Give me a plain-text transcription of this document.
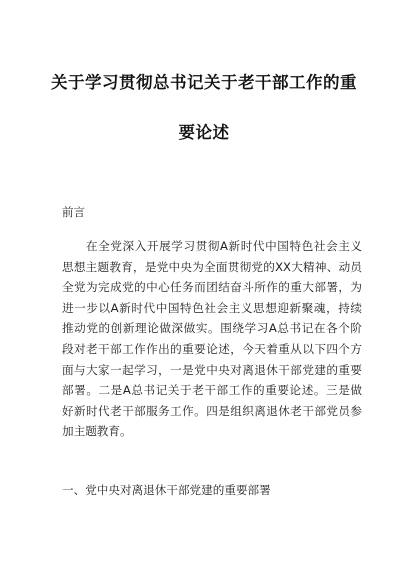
关于学习贯彻总书记关于老干部工作的重
要论述
前言
在全党深入开展学习贯彻A新时代中国特色社会主义
思想主题教育，是党中央为全面贯彻党的XX大精神、动员
全党为完成党的中心任务而团结奋斗所作的重大部署，为
进一步以A新时代中国特色社会主义思想迎新聚魂，持续
推动党的创新理论做深做实。围绕学习A总书记在各个阶
段对老干部工作作出的重要论述，今天着重从以下四个方
面与大家一起学习，一是党中央对离退休干部党建的重要
部署。二是A总书记关于老干部工作的重要论述。三是做
好新时代老干部服务工作。四是组织离退休老干部党员参
加主题教育。
一、党中央对离退休干部党建的重要部署
